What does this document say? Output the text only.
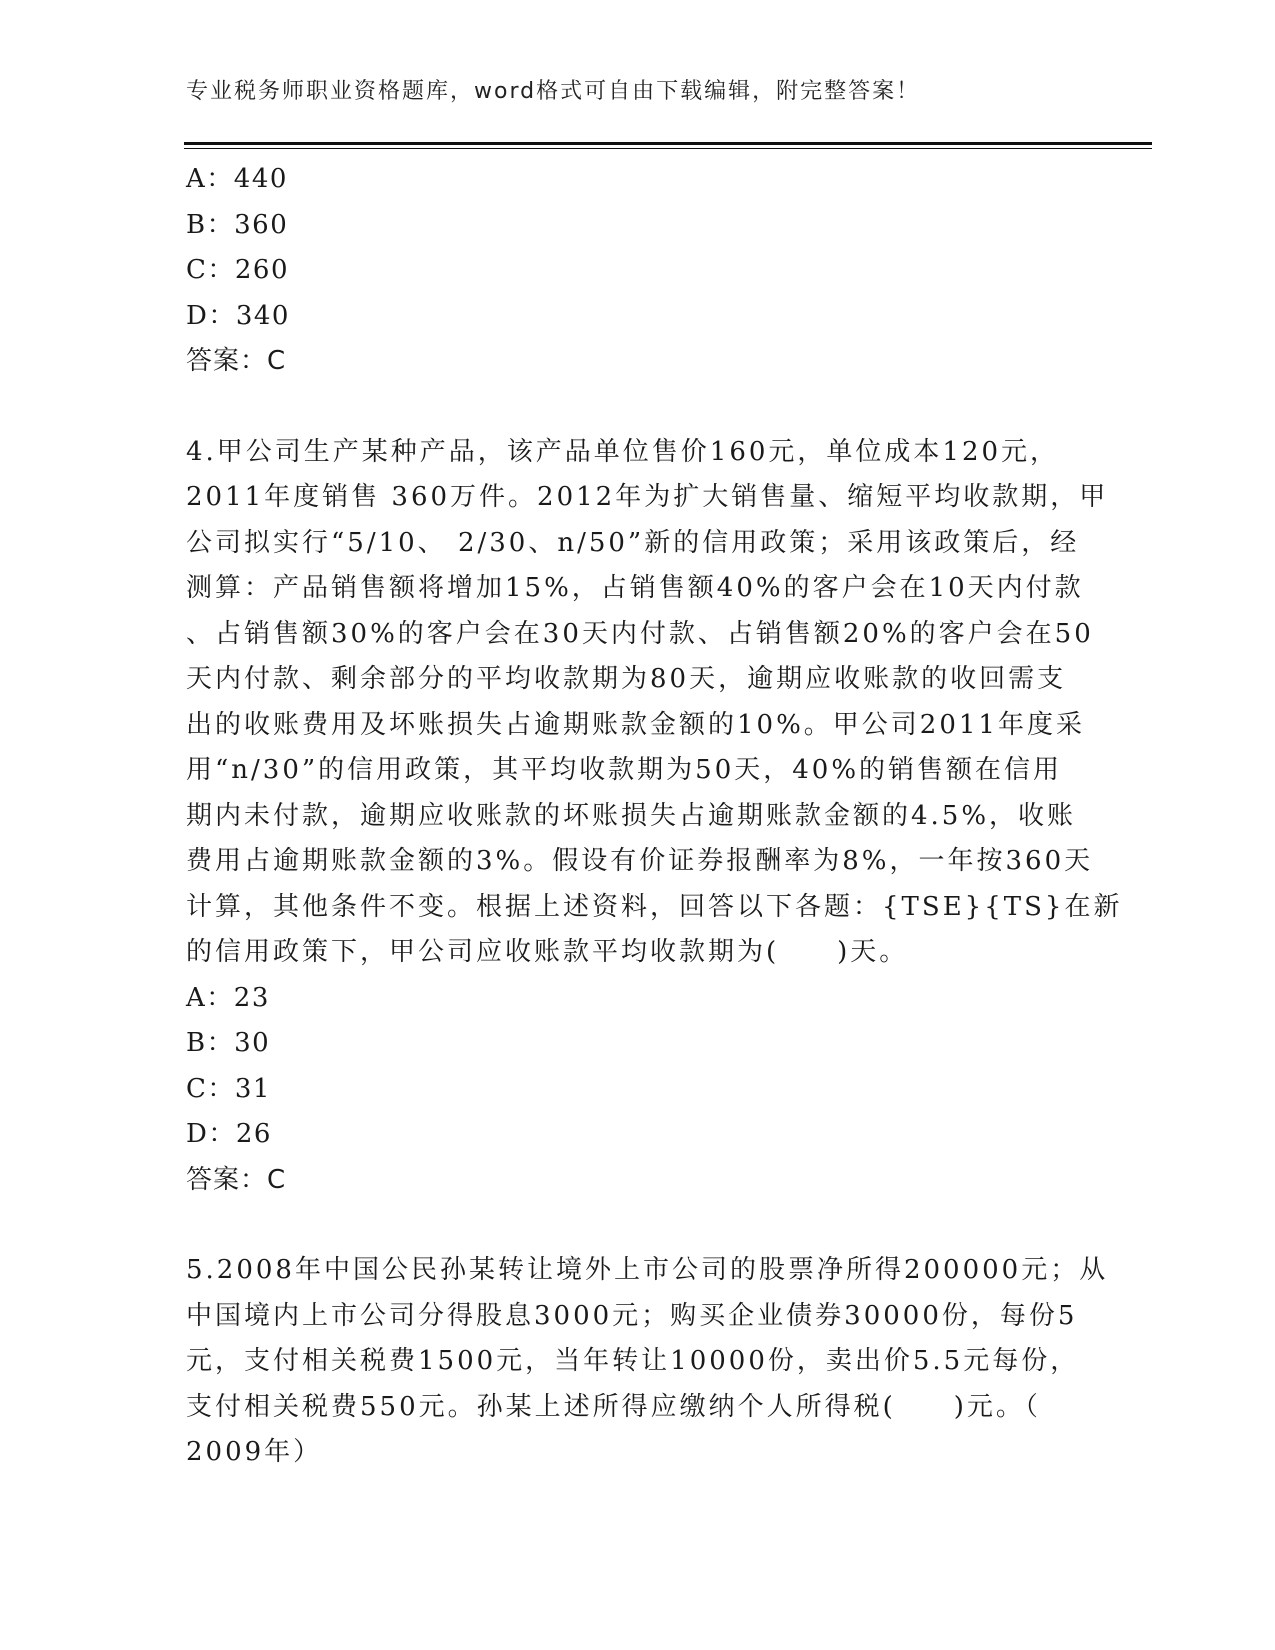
专业税务师职业资格题库，word格式可自由下载编辑，附完整答案！
A：440
B：360
C：260
D：340
答案：C
4.甲公司生产某种产品，该产品单位售价160元，单位成本120元，
2011年度销售 360万件。2012年为扩大销售量、缩短平均收款期，甲
公司拟实行“5/10、 2/30、n/50”新的信用政策；采用该政策后，经
测算：产品销售额将增加15%，占销售额40%的客户会在10天内付款
、占销售额30%的客户会在30天内付款、占销售额20%的客户会在50
天内付款、剩余部分的平均收款期为80天，逾期应收账款的收回需支
出的收账费用及坏账损失占逾期账款金额的10%。甲公司2011年度采
用“n/30”的信用政策，其平均收款期为50天，40%的销售额在信用
期内未付款，逾期应收账款的坏账损失占逾期账款金额的4.5%，收账
费用占逾期账款金额的3%。假设有价证券报酬率为8%，一年按360天
计算，其他条件不变。根据上述资料，回答以下各题：{TSE}{TS}在新
的信用政策下，甲公司应收账款平均收款期为(　　)天。
A：23
B：30
C：31
D：26
答案：C
5.2008年中国公民孙某转让境外上市公司的股票净所得200000元；从
中国境内上市公司分得股息3000元；购买企业债券30000份，每份5
元，支付相关税费1500元，当年转让10000份，卖出价5.5元每份，
支付相关税费550元。孙某上述所得应缴纳个人所得税(　　)元。（
2009年）
